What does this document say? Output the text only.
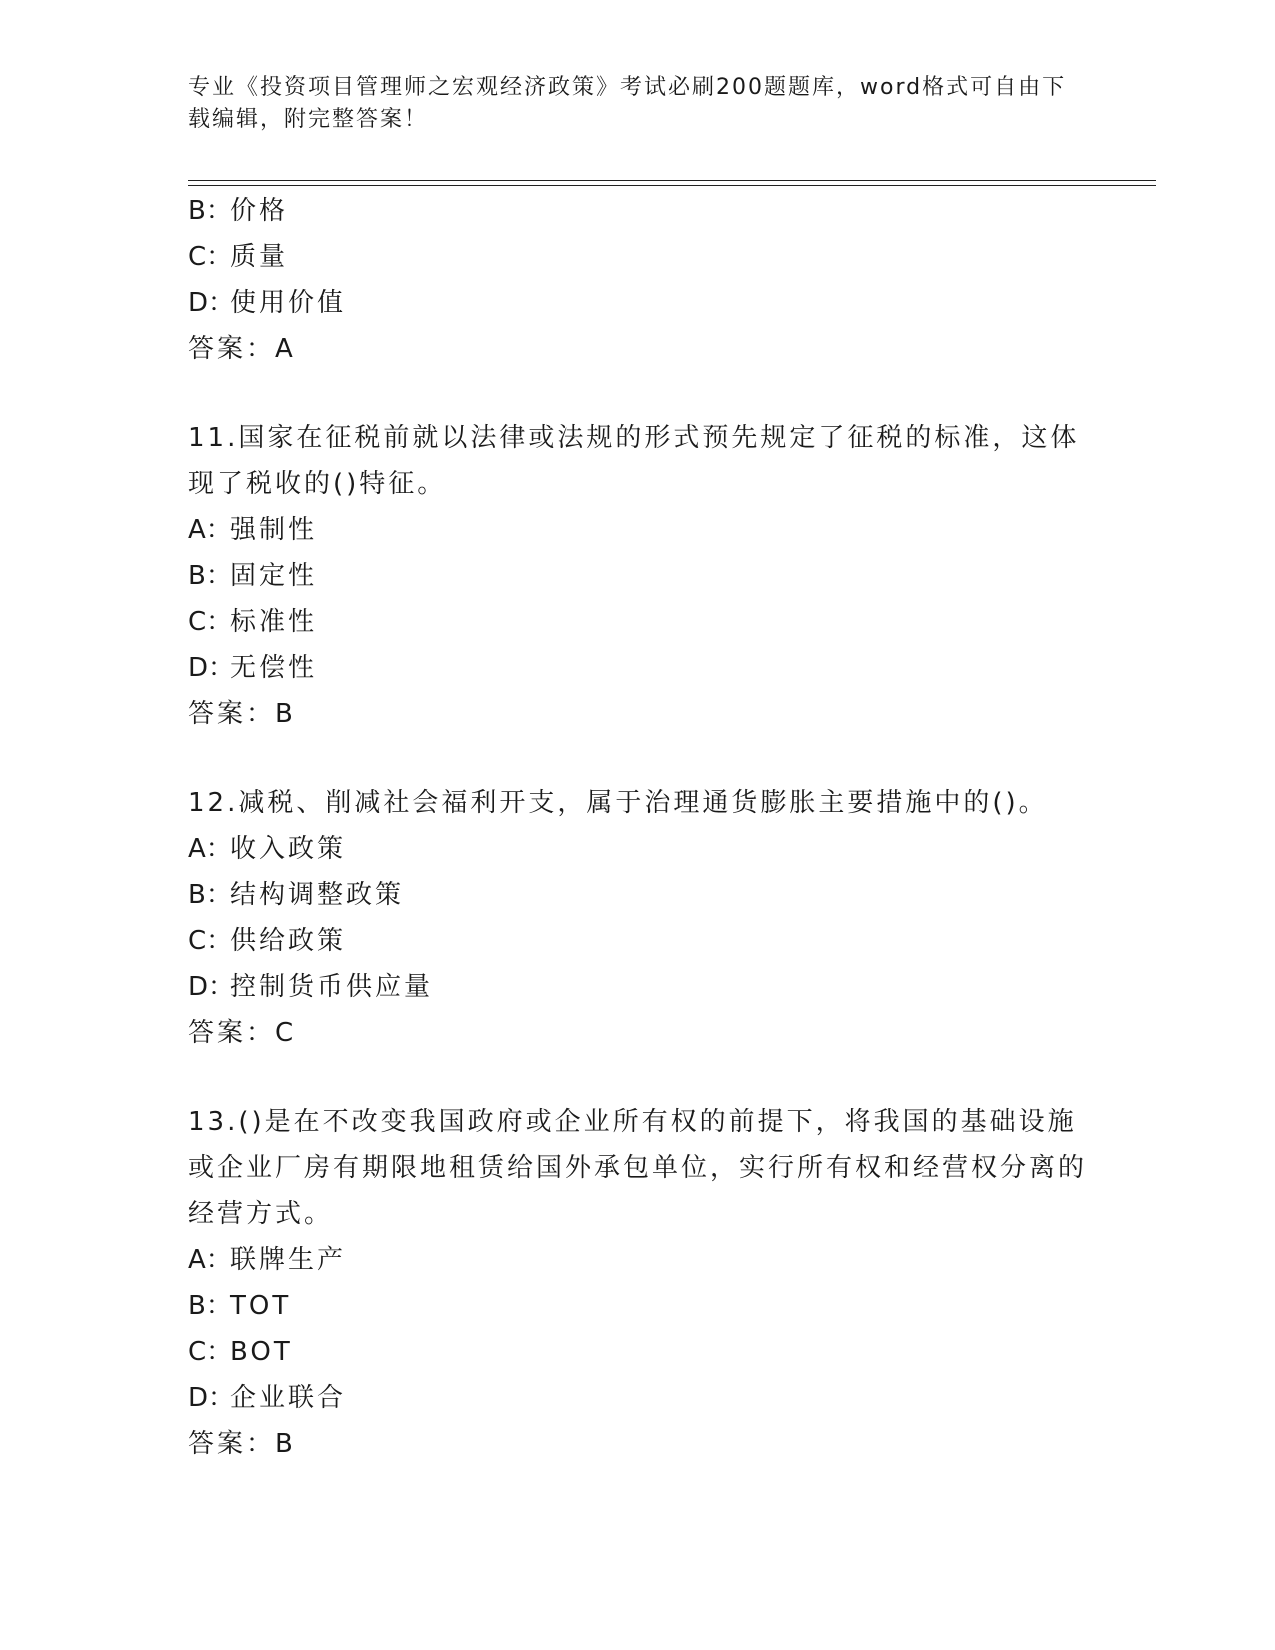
专业《投资项目管理师之宏观经济政策》考试必刷200题题库，word格式可自由下载编辑，附完整答案！
B：价格
C：质量
D：使用价值
答案：A
11.国家在征税前就以法律或法规的形式预先规定了征税的标准，这体现了税收的()特征。
A：强制性
B：固定性
C：标准性
D：无偿性
答案：B
12.减税、削减社会福利开支，属于治理通货膨胀主要措施中的()。
A：收入政策
B：结构调整政策
C：供给政策
D：控制货币供应量
答案：C
13.()是在不改变我国政府或企业所有权的前提下，将我国的基础设施或企业厂房有期限地租赁给国外承包单位，实行所有权和经营权分离的经营方式。
A：联牌生产
B：TOT
C：BOT
D：企业联合
答案：B
